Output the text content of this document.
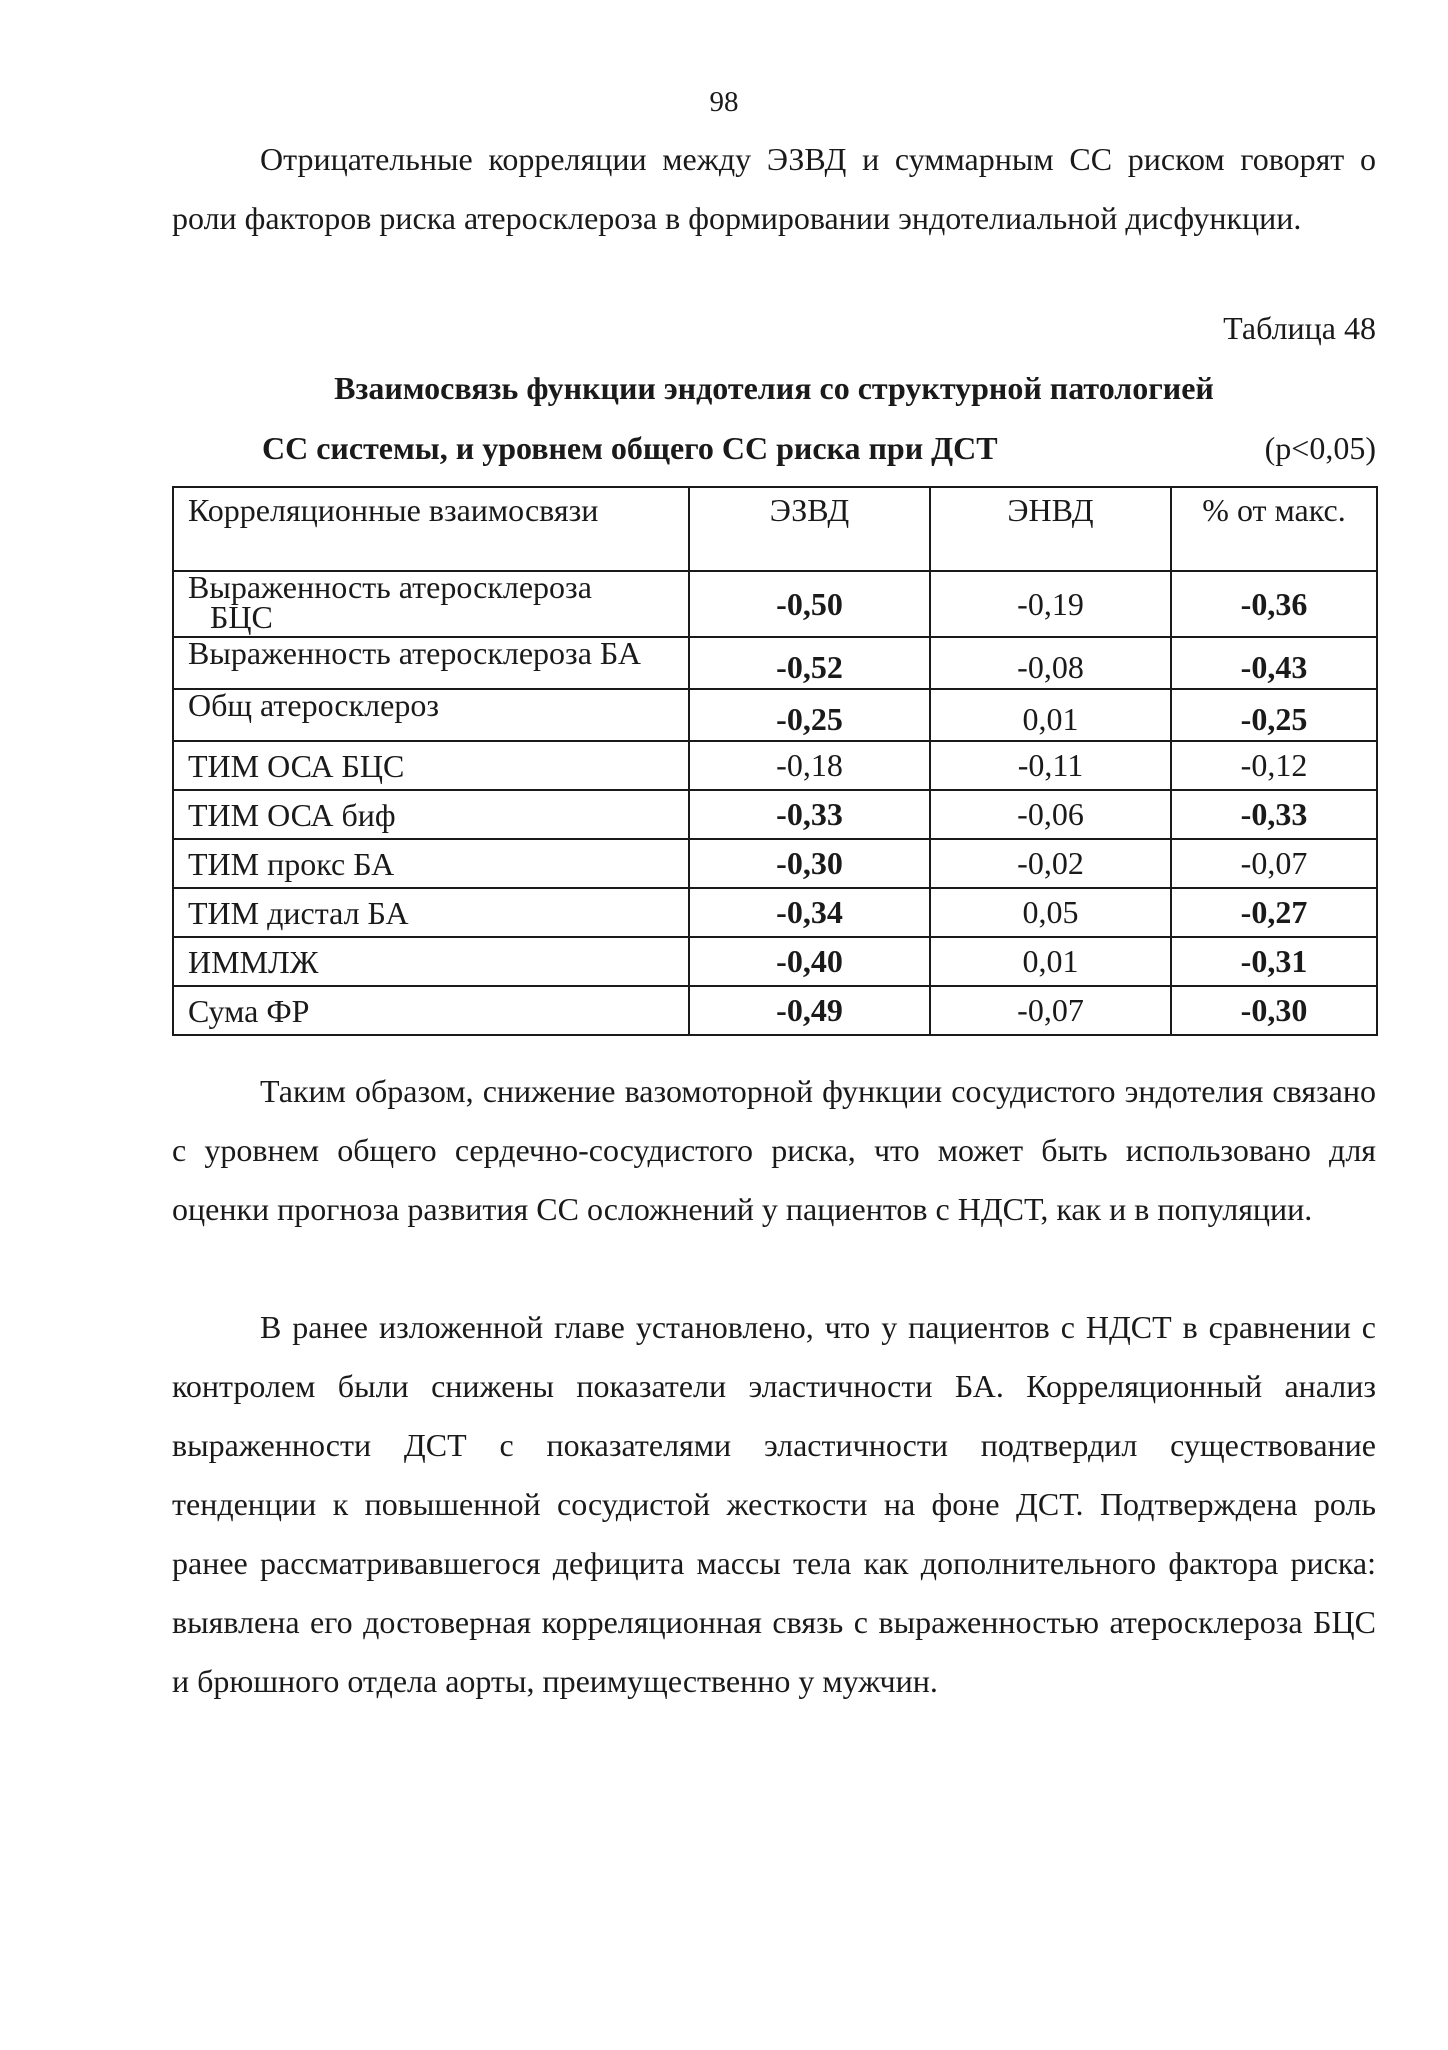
98

Отрицательные корреляции между ЭЗВД и суммарным СС риском говорят о роли факторов риска атеросклероза в формировании эндотелиальной дисфункции.

Таблица 48
Взаимосвязь функции эндотелия со структурной патологией
СС системы, и уровнем общего СС риска при ДСТ	(p<0,05)
Корреляционные взаимосвязи	ЭЗВД	ЭНВД	% от макс.
Выраженность атеросклероза
БЦС	-0,50	-0,19	-0,36
Выраженность атеросклероза БА	-0,52	-0,08	-0,43
Общ атеросклероз	-0,25	0,01	-0,25
ТИМ ОСА БЦС	-0,18	-0,11	-0,12
ТИМ ОСА биф	-0,33	-0,06	-0,33
ТИМ прокс БА	-0,30	-0,02	-0,07
ТИМ дистал БА	-0,34	0,05	-0,27
ИММЛЖ	-0,40	0,01	-0,31
Сума ФР	-0,49	-0,07	-0,30

Таким образом, снижение вазомоторной функции сосудистого эндотелия связано с уровнем общего сердечно-сосудистого риска, что может быть использовано для оценки прогноза развития СС осложнений у пациентов с НДСТ, как и в популяции.

В ранее изложенной главе установлено, что у пациентов с НДСТ в сравнении с контролем были снижены показатели эластичности БА. Корреляционный анализ выраженности ДСТ с показателями эластичности подтвердил существование тенденции к повышенной сосудистой жесткости на фоне ДСТ. Подтверждена роль ранее рассматривавшегося дефицита массы тела как дополнительного фактора риска: выявлена его достоверная корреляционная связь с выраженностью атеросклероза БЦС и брюшного отдела аорты, преимущественно у мужчин.
